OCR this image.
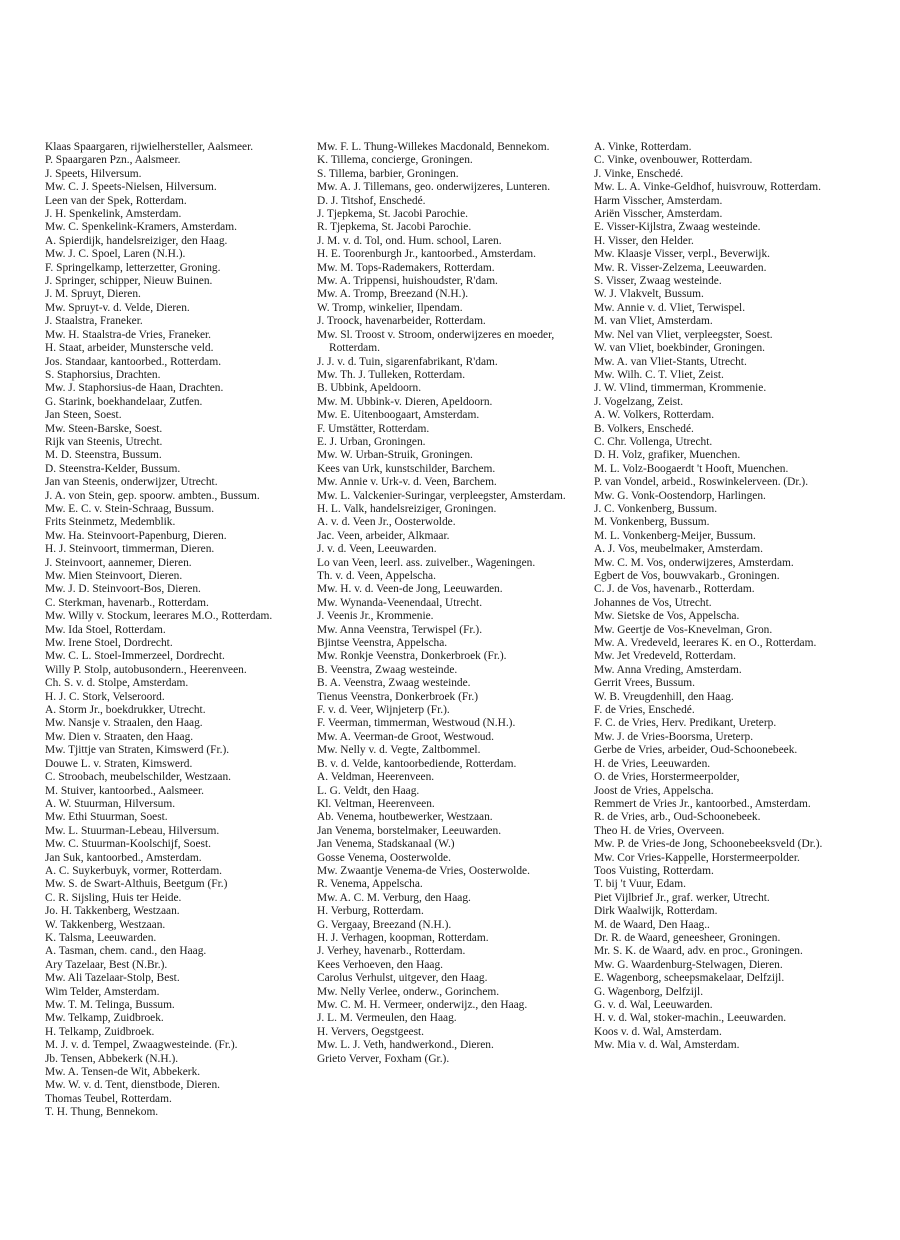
Klaas Spaargaren, rijwielhersteller, Aalsmeer.
P. Spaargaren Pzn., Aalsmeer.
J. Speets, Hilversum.
Mw. C. J. Speets-Nielsen, Hilversum.
Leen van der Spek, Rotterdam.
J. H. Spenkelink, Amsterdam.
Mw. C. Spenkelink-Kramers, Amsterdam.
A. Spierdijk, handelsreiziger, den Haag.
Mw. J. C. Spoel, Laren (N.H.).
F. Springelkamp, letterzetter, Groning.
J. Springer, schipper, Nieuw Buinen.
J. M. Spruyt, Dieren.
Mw. Spruyt-v. d. Velde, Dieren.
J. Staalstra, Franeker.
Mw. H. Staalstra-de Vries, Franeker.
H. Staat, arbeider, Munstersche veld.
Jos. Standaar, kantoorbed., Rotterdam.
S. Staphorsius, Drachten.
Mw. J. Staphorsius-de Haan, Drachten.
G. Starink, boekhandelaar, Zutfen.
Jan Steen, Soest.
Mw. Steen-Barske, Soest.
Rijk van Steenis, Utrecht.
M. D. Steenstra, Bussum.
D. Steenstra-Kelder, Bussum.
Jan van Steenis, onderwijzer, Utrecht.
J. A. von Stein, gep. spoorw. ambten., Bussum.
Mw. E. C. v. Stein-Schraag, Bussum.
Frits Steinmetz, Medemblik.
Mw. Ha. Steinvoort-Papenburg, Dieren.
H. J. Steinvoort, timmerman, Dieren.
J. Steinvoort, aannemer, Dieren.
Mw. Mien Steinvoort, Dieren.
Mw. J. D. Steinvoort-Bos, Dieren.
C. Sterkman, havenarb., Rotterdam.
Mw. Willy v. Stockum, leerares M.O., Rotterdam.
Mw. Ida Stoel, Rotterdam.
Mw. Irene Stoel, Dordrecht.
Mw. C. L. Stoel-Immerzeel, Dordrecht.
Willy P. Stolp, autobusondern., Heerenveen.
Ch. S. v. d. Stolpe, Amsterdam.
H. J. C. Stork, Velseroord.
A. Storm Jr., boekdrukker, Utrecht.
Mw. Nansje v. Straalen, den Haag.
Mw. Dien v. Straaten, den Haag.
Mw. Tjittje van Straten, Kimswerd (Fr.).
Douwe L. v. Straten, Kimswerd.
C. Stroobach, meubelschilder, Westzaan.
M. Stuiver, kantoorbed., Aalsmeer.
A. W. Stuurman, Hilversum.
Mw. Ethi Stuurman, Soest.
Mw. L. Stuurman-Lebeau, Hilversum.
Mw. C. Stuurman-Koolschijf, Soest.
Jan Suk, kantoorbed., Amsterdam.
A. C. Suykerbuyk, vormer, Rotterdam.
Mw. S. de Swart-Althuis, Beetgum (Fr.)
C. R. Sijsling, Huis ter Heide.
Jo. H. Takkenberg, Westzaan.
W. Takkenberg, Westzaan.
K. Talsma, Leeuwarden.
A. Tasman, chem. cand., den Haag.
Ary Tazelaar, Best (N.Br.).
Mw. Ali Tazelaar-Stolp, Best.
Wim Telder, Amsterdam.
Mw. T. M. Telinga, Bussum.
Mw. Telkamp, Zuidbroek.
H. Telkamp, Zuidbroek.
M. J. v. d. Tempel, Zwaagwesteinde. (Fr.).
Jb. Tensen, Abbekerk (N.H.).
Mw. A. Tensen-de Wit, Abbekerk.
Mw. W. v. d. Tent, dienstbode, Dieren.
Thomas Teubel, Rotterdam.
T. H. Thung, Bennekom.
Mw. F. L. Thung-Willekes Macdonald, Bennekom.
K. Tillema, concierge, Groningen.
S. Tillema, barbier, Groningen.
Mw. A. J. Tillemans, geo. onderwijzeres, Lunteren.
D. J. Titshof, Enschedé.
J. Tjepkema, St. Jacobi Parochie.
R. Tjepkema, St. Jacobi Parochie.
J. M. v. d. Tol, ond. Hum. school, Laren.
H. E. Toorenburgh Jr., kantoorbed., Amsterdam.
Mw. M. Tops-Rademakers, Rotterdam.
Mw. A. Trippensi, huishoudster, R'dam.
Mw. A. Tromp, Breezand (N.H.).
W. Tromp, winkelier, Ilpendam.
J. Troock, havenarbeider, Rotterdam.
Mw. Sl. Troost v. Stroom, onderwijzeres en moeder, Rotterdam.
J. J. v. d. Tuin, sigarenfabrikant, R'dam.
Mw. Th. J. Tulleken, Rotterdam.
B. Ubbink, Apeldoorn.
Mw. M. Ubbink-v. Dieren, Apeldoorn.
Mw. E. Uitenboogaart, Amsterdam.
F. Umstätter, Rotterdam.
E. J. Urban, Groningen.
Mw. W. Urban-Struik, Groningen.
Kees van Urk, kunstschilder, Barchem.
Mw. Annie v. Urk-v. d. Veen, Barchem.
Mw. L. Valckenier-Suringar, verpleegster, Amsterdam.
H. L. Valk, handelsreiziger, Groningen.
A. v. d. Veen Jr., Oosterwolde.
Jac. Veen, arbeider, Alkmaar.
J. v. d. Veen, Leeuwarden.
Lo van Veen, leerl. ass. zuivelber., Wageningen.
Th. v. d. Veen, Appelscha.
Mw. H. v. d. Veen-de Jong, Leeuwarden.
Mw. Wynanda-Veenendaal, Utrecht.
J. Veenis Jr., Krommenie.
Mw. Anna Veenstra, Terwispel (Fr.).
Bjintse Veenstra, Appelscha.
Mw. Ronkje Veenstra, Donkerbroek (Fr.).
B. Veenstra, Zwaag westeinde.
B. A. Veenstra, Zwaag westeinde.
Tienus Veenstra, Donkerbroek (Fr.)
F. v. d. Veer, Wijnjeterp (Fr.).
F. Veerman, timmerman, Westwoud (N.H.).
Mw. A. Veerman-de Groot, Westwoud.
Mw. Nelly v. d. Vegte, Zaltbommel.
B. v. d. Velde, kantoorbediende, Rotterdam.
A. Veldman, Heerenveen.
L. G. Veldt, den Haag.
Kl. Veltman, Heerenveen.
Ab. Venema, houtbewerker, Westzaan.
Jan Venema, borstelmaker, Leeuwarden.
Jan Venema, Stadskanaal (W.)
Gosse Venema, Oosterwolde.
Mw. Zwaantje Venema-de Vries, Oosterwolde.
R. Venema, Appelscha.
Mw. A. C. M. Verburg, den Haag.
H. Verburg, Rotterdam.
G. Vergaay, Breezand (N.H.).
H. J. Verhagen, koopman, Rotterdam.
J. Verhey, havenarb., Rotterdam.
Kees Verhoeven, den Haag.
Carolus Verhulst, uitgever, den Haag.
Mw. Nelly Verlee, onderw., Gorinchem.
Mw. C. M. H. Vermeer, onderwijz., den Haag.
J. L. M. Vermeulen, den Haag.
H. Ververs, Oegstgeest.
Mw. L. J. Veth, handwerkond., Dieren.
Grieto Verver, Foxham (Gr.).
A. Vinke, Rotterdam.
C. Vinke, ovenbouwer, Rotterdam.
J. Vinke, Enschedé.
Mw. L. A. Vinke-Geldhof, huisvrouw, Rotterdam.
Harm Visscher, Amsterdam.
Ariën Visscher, Amsterdam.
E. Visser-Kijlstra, Zwaag westeinde.
H. Visser, den Helder.
Mw. Klaasje Visser, verpl., Beverwijk.
Mw. R. Visser-Zelzema, Leeuwarden.
S. Visser, Zwaag westeinde.
W. J. Vlakvelt, Bussum.
Mw. Annie v. d. Vliet, Terwispel.
M. van Vliet, Amsterdam.
Mw. Nel van Vliet, verpleegster, Soest.
W. van Vliet, boekbinder, Groningen.
Mw. A. van Vliet-Stants, Utrecht.
Mw. Wilh. C. T. Vliet, Zeist.
J. W. Vlind, timmerman, Krommenie.
J. Vogelzang, Zeist.
A. W. Volkers, Rotterdam.
B. Volkers, Enschedé.
C. Chr. Vollenga, Utrecht.
D. H. Volz, grafiker, Muenchen.
M. L. Volz-Boogaerdt 't Hooft, Muenchen.
P. van Vondel, arbeid., Roswinkelerveen. (Dr.).
Mw. G. Vonk-Oostendorp, Harlingen.
J. C. Vonkenberg, Bussum.
M. Vonkenberg, Bussum.
M. L. Vonkenberg-Meijer, Bussum.
A. J. Vos, meubelmaker, Amsterdam.
Mw. C. M. Vos, onderwijzeres, Amsterdam.
Egbert de Vos, bouwvakarb., Groningen.
C. J. de Vos, havenarb., Rotterdam.
Johannes de Vos, Utrecht.
Mw. Sietske de Vos, Appelscha.
Mw. Geertje de Vos-Knevelman, Gron.
Mw. A. Vredeveld, leerares K. en O., Rotterdam.
Mw. Jet Vredeveld, Rotterdam.
Mw. Anna Vreding, Amsterdam.
Gerrit Vrees, Bussum.
W. B. Vreugdenhill, den Haag.
F. de Vries, Enschedé.
F. C. de Vries, Herv. Predikant, Ureterp.
Mw. J. de Vries-Boorsma, Ureterp.
Gerbe de Vries, arbeider, Oud-Schoonebeek.
H. de Vries, Leeuwarden.
O. de Vries, Horstermeerpolder,
Joost de Vries, Appelscha.
Remmert de Vries Jr., kantoorbed., Amsterdam.
R. de Vries, arb., Oud-Schoonebeek.
Theo H. de Vries, Overveen.
Mw. P. de Vries-de Jong, Schoonebeeksveld (Dr.).
Mw. Cor Vries-Kappelle, Horstermeerpolder.
Toos Vuisting, Rotterdam.
T. bij 't Vuur, Edam.
Piet Vijlbrief Jr., graf. werker, Utrecht.
Dirk Waalwijk, Rotterdam.
M. de Waard, Den Haag..
Dr. R. de Waard, geneesheer, Groningen.
Mr. S. K. de Waard, adv. en proc., Groningen.
Mw. G. Waardenburg-Stelwagen, Dieren.
E. Wagenborg, scheepsmakelaar, Delfzijl.
G. Wagenborg, Delfzijl.
G. v. d. Wal, Leeuwarden.
H. v. d. Wal, stoker-machin., Leeuwarden.
Koos v. d. Wal, Amsterdam.
Mw. Mia v. d. Wal, Amsterdam.
